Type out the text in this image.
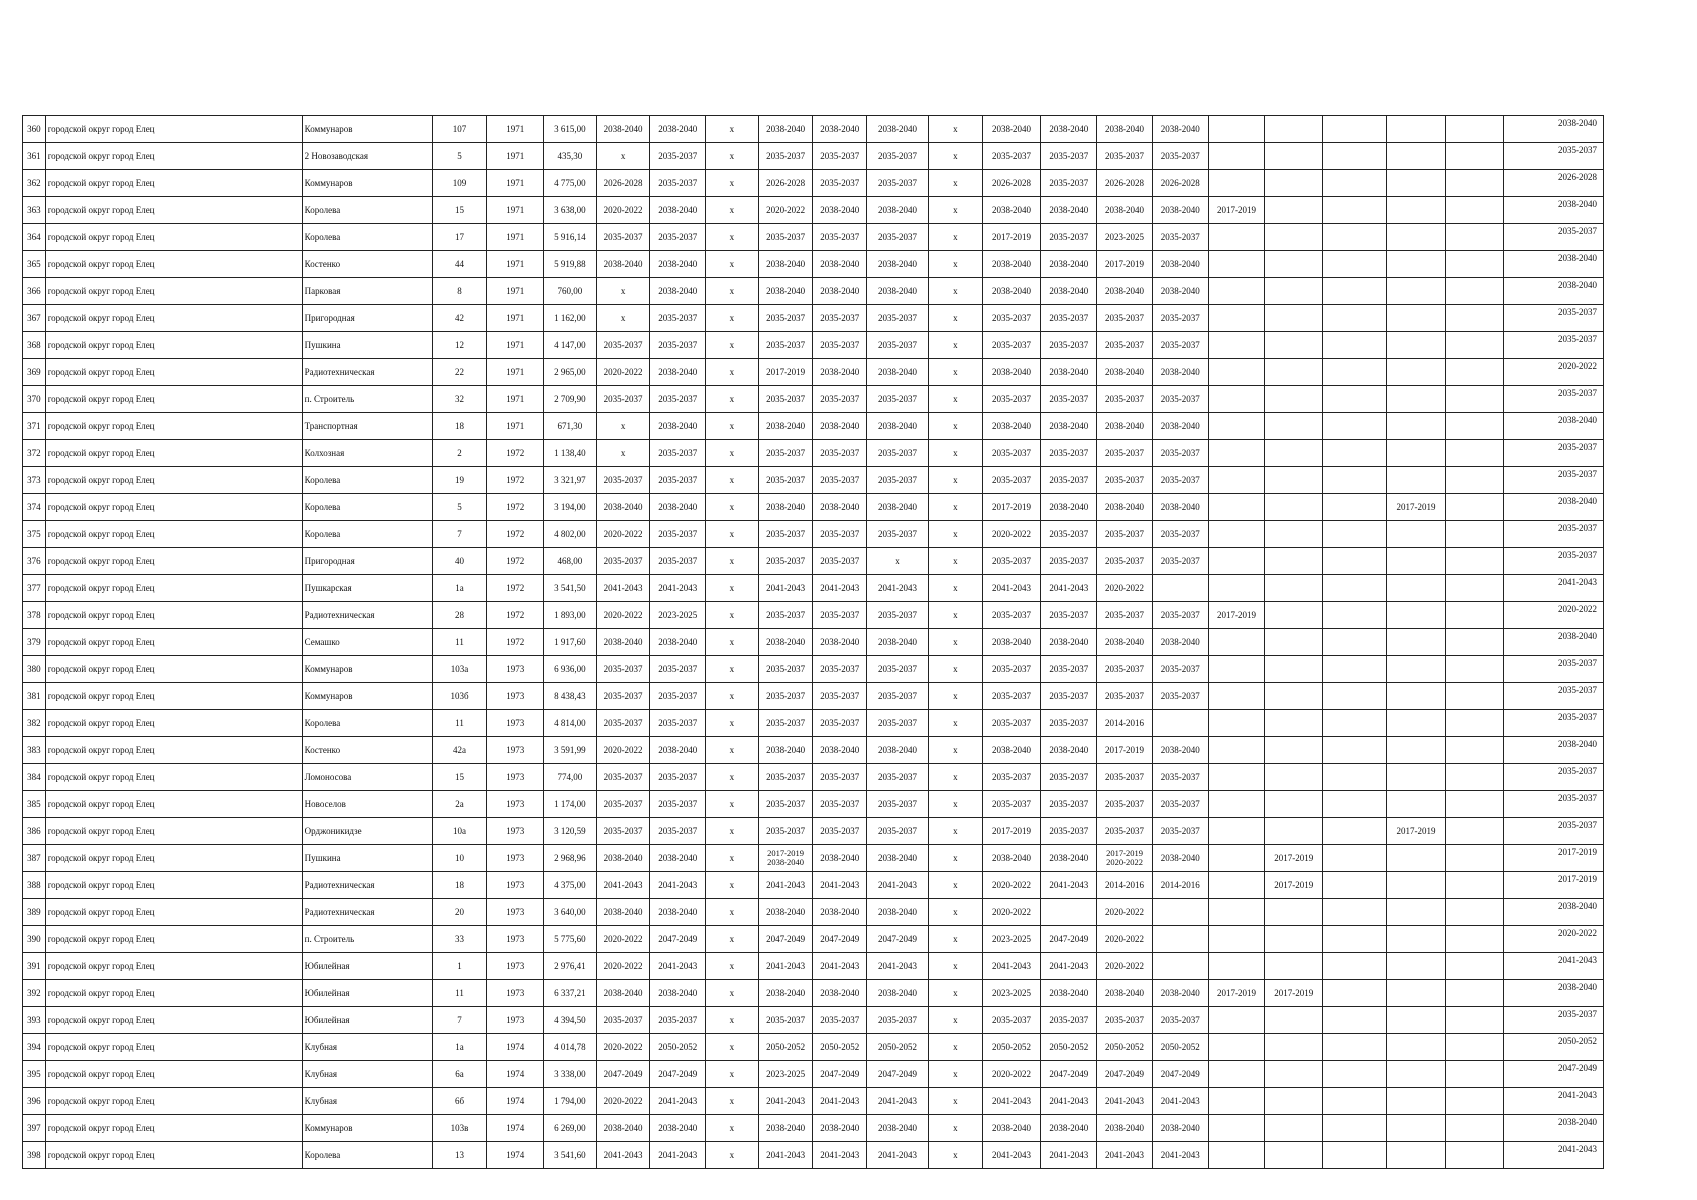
360	городской округ город Елец	Коммунаров	107	1971	3 615,00	2038-2040	2038-2040	x	2038-2040	2038-2040	2038-2040	x	2038-2040	2038-2040	2038-2040	2038-2040						2038-2040
361	городской округ город Елец	2 Новозаводская	5	1971	435,30	x	2035-2037	x	2035-2037	2035-2037	2035-2037	x	2035-2037	2035-2037	2035-2037	2035-2037						2035-2037
362	городской округ город Елец	Коммунаров	109	1971	4 775,00	2026-2028	2035-2037	x	2026-2028	2035-2037	2035-2037	x	2026-2028	2035-2037	2026-2028	2026-2028						2026-2028
363	городской округ город Елец	Королева	15	1971	3 638,00	2020-2022	2038-2040	x	2020-2022	2038-2040	2038-2040	x	2038-2040	2038-2040	2038-2040	2038-2040	2017-2019					2038-2040
364	городской округ город Елец	Королева	17	1971	5 916,14	2035-2037	2035-2037	x	2035-2037	2035-2037	2035-2037	x	2017-2019	2035-2037	2023-2025	2035-2037						2035-2037
365	городской округ город Елец	Костенко	44	1971	5 919,88	2038-2040	2038-2040	x	2038-2040	2038-2040	2038-2040	x	2038-2040	2038-2040	2017-2019	2038-2040						2038-2040
366	городской округ город Елец	Парковая	8	1971	760,00	x	2038-2040	x	2038-2040	2038-2040	2038-2040	x	2038-2040	2038-2040	2038-2040	2038-2040						2038-2040
367	городской округ город Елец	Пригородная	42	1971	1 162,00	x	2035-2037	x	2035-2037	2035-2037	2035-2037	x	2035-2037	2035-2037	2035-2037	2035-2037						2035-2037
368	городской округ город Елец	Пушкина	12	1971	4 147,00	2035-2037	2035-2037	x	2035-2037	2035-2037	2035-2037	x	2035-2037	2035-2037	2035-2037	2035-2037						2035-2037
369	городской округ город Елец	Радиотехническая	22	1971	2 965,00	2020-2022	2038-2040	x	2017-2019	2038-2040	2038-2040	x	2038-2040	2038-2040	2038-2040	2038-2040						2020-2022
370	городской округ город Елец	п. Строитель	32	1971	2 709,90	2035-2037	2035-2037	x	2035-2037	2035-2037	2035-2037	x	2035-2037	2035-2037	2035-2037	2035-2037						2035-2037
371	городской округ город Елец	Транспортная	18	1971	671,30	x	2038-2040	x	2038-2040	2038-2040	2038-2040	x	2038-2040	2038-2040	2038-2040	2038-2040						2038-2040
372	городской округ город Елец	Колхозная	2	1972	1 138,40	x	2035-2037	x	2035-2037	2035-2037	2035-2037	x	2035-2037	2035-2037	2035-2037	2035-2037						2035-2037
373	городской округ город Елец	Королева	19	1972	3 321,97	2035-2037	2035-2037	x	2035-2037	2035-2037	2035-2037	x	2035-2037	2035-2037	2035-2037	2035-2037						2035-2037
374	городской округ город Елец	Королева	5	1972	3 194,00	2038-2040	2038-2040	x	2038-2040	2038-2040	2038-2040	x	2017-2019	2038-2040	2038-2040	2038-2040				2017-2019		2038-2040
375	городской округ город Елец	Королева	7	1972	4 802,00	2020-2022	2035-2037	x	2035-2037	2035-2037	2035-2037	x	2020-2022	2035-2037	2035-2037	2035-2037						2035-2037
376	городской округ город Елец	Пригородная	40	1972	468,00	2035-2037	2035-2037	x	2035-2037	2035-2037	x	x	2035-2037	2035-2037	2035-2037	2035-2037						2035-2037
377	городской округ город Елец	Пушкарская	1а	1972	3 541,50	2041-2043	2041-2043	x	2041-2043	2041-2043	2041-2043	x	2041-2043	2041-2043	2020-2022							2041-2043
378	городской округ город Елец	Радиотехническая	28	1972	1 893,00	2020-2022	2023-2025	x	2035-2037	2035-2037	2035-2037	x	2035-2037	2035-2037	2035-2037	2035-2037	2017-2019					2020-2022
379	городской округ город Елец	Семашко	11	1972	1 917,60	2038-2040	2038-2040	x	2038-2040	2038-2040	2038-2040	x	2038-2040	2038-2040	2038-2040	2038-2040						2038-2040
380	городской округ город Елец	Коммунаров	103а	1973	6 936,00	2035-2037	2035-2037	x	2035-2037	2035-2037	2035-2037	x	2035-2037	2035-2037	2035-2037	2035-2037						2035-2037
381	городской округ город Елец	Коммунаров	103б	1973	8 438,43	2035-2037	2035-2037	x	2035-2037	2035-2037	2035-2037	x	2035-2037	2035-2037	2035-2037	2035-2037						2035-2037
382	городской округ город Елец	Королева	11	1973	4 814,00	2035-2037	2035-2037	x	2035-2037	2035-2037	2035-2037	x	2035-2037	2035-2037	2014-2016							2035-2037
383	городской округ город Елец	Костенко	42а	1973	3 591,99	2020-2022	2038-2040	x	2038-2040	2038-2040	2038-2040	x	2038-2040	2038-2040	2017-2019	2038-2040						2038-2040
384	городской округ город Елец	Ломоносова	15	1973	774,00	2035-2037	2035-2037	x	2035-2037	2035-2037	2035-2037	x	2035-2037	2035-2037	2035-2037	2035-2037						2035-2037
385	городской округ город Елец	Новоселов	2а	1973	1 174,00	2035-2037	2035-2037	x	2035-2037	2035-2037	2035-2037	x	2035-2037	2035-2037	2035-2037	2035-2037						2035-2037
386	городской округ город Елец	Орджоникидзе	10а	1973	3 120,59	2035-2037	2035-2037	x	2035-2037	2035-2037	2035-2037	x	2017-2019	2035-2037	2035-2037	2035-2037				2017-2019		2035-2037
387	городской округ город Елец	Пушкина	10	1973	2 968,96	2038-2040	2038-2040	x	2017-2019 2038-2040	2038-2040	2038-2040	x	2038-2040	2038-2040	2017-2019 2020-2022	2038-2040		2017-2019				2017-2019
388	городской округ город Елец	Радиотехническая	18	1973	4 375,00	2041-2043	2041-2043	x	2041-2043	2041-2043	2041-2043	x	2020-2022	2041-2043	2014-2016	2014-2016		2017-2019				2017-2019
389	городской округ город Елец	Радиотехническая	20	1973	3 640,00	2038-2040	2038-2040	x	2038-2040	2038-2040	2038-2040	x	2020-2022		2020-2022							2038-2040
390	городской округ город Елец	п. Строитель	33	1973	5 775,60	2020-2022	2047-2049	x	2047-2049	2047-2049	2047-2049	x	2023-2025	2047-2049	2020-2022							2020-2022
391	городской округ город Елец	Юбилейная	1	1973	2 976,41	2020-2022	2041-2043	x	2041-2043	2041-2043	2041-2043	x	2041-2043	2041-2043	2020-2022							2041-2043
392	городской округ город Елец	Юбилейная	11	1973	6 337,21	2038-2040	2038-2040	x	2038-2040	2038-2040	2038-2040	x	2023-2025	2038-2040	2038-2040	2038-2040	2017-2019	2017-2019				2038-2040
393	городской округ город Елец	Юбилейная	7	1973	4 394,50	2035-2037	2035-2037	x	2035-2037	2035-2037	2035-2037	x	2035-2037	2035-2037	2035-2037	2035-2037						2035-2037
394	городской округ город Елец	Клубная	1а	1974	4 014,78	2020-2022	2050-2052	x	2050-2052	2050-2052	2050-2052	x	2050-2052	2050-2052	2050-2052	2050-2052						2050-2052
395	городской округ город Елец	Клубная	6а	1974	3 338,00	2047-2049	2047-2049	x	2023-2025	2047-2049	2047-2049	x	2020-2022	2047-2049	2047-2049	2047-2049						2047-2049
396	городской округ город Елец	Клубная	6б	1974	1 794,00	2020-2022	2041-2043	x	2041-2043	2041-2043	2041-2043	x	2041-2043	2041-2043	2041-2043	2041-2043						2041-2043
397	городской округ город Елец	Коммунаров	103в	1974	6 269,00	2038-2040	2038-2040	x	2038-2040	2038-2040	2038-2040	x	2038-2040	2038-2040	2038-2040	2038-2040						2038-2040
398	городской округ город Елец	Королева	13	1974	3 541,60	2041-2043	2041-2043	x	2041-2043	2041-2043	2041-2043	x	2041-2043	2041-2043	2041-2043	2041-2043						2041-2043
